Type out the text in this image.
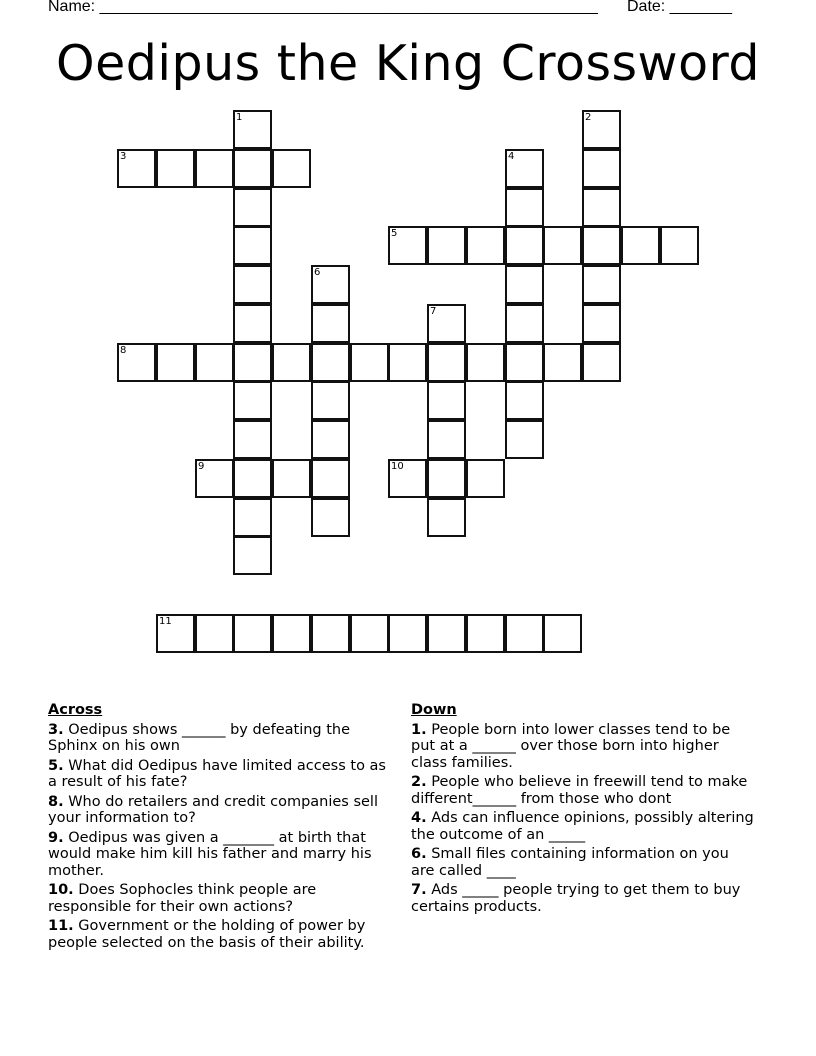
Name: ________________________________________________________ Date: _______
Oedipus the King Crossword
1	2
3	4
5
6
7
8
9	10
11
Across
3. Oedipus shows ______ by defeating the Sphinx on his own
5. What did Oedipus have limited access to as a result of his fate?
8. Who do retailers and credit companies sell your information to?
9. Oedipus was given a _______ at birth that would make him kill his father and marry his mother.
10. Does Sophocles think people are responsible for their own actions?
11. Government or the holding of power by people selected on the basis of their ability.
Down
1. People born into lower classes tend to be put at a ______ over those born into higher class families.
2. People who believe in freewill tend to make different______ from those who dont
4. Ads can influence opinions, possibly altering the outcome of an _____
6. Small files containing information on you are called ____
7. Ads _____ people trying to get them to buy certains products.
